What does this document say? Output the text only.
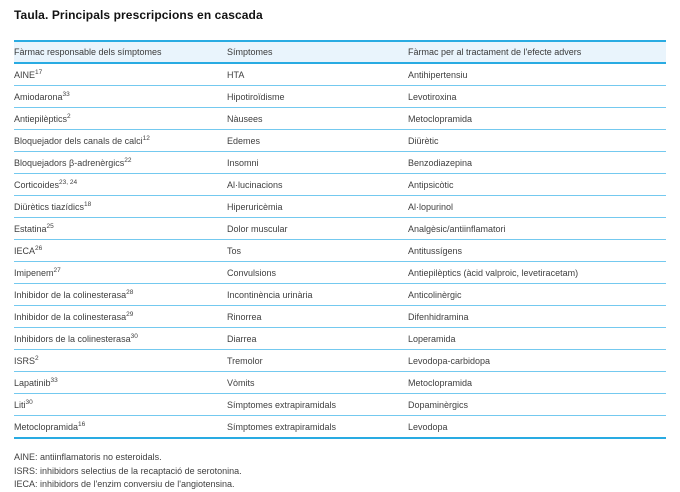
Taula. Principals prescripcions en cascada
Fàrmac responsable dels símptomes	Símptomes	Fàrmac per al tractament de l'efecte advers
AINE$^{17}$	HTA	Antihipertensiu
Amiodarona$^{33}$	Hipotiroïdisme	Levotiroxina
Antiepilèptics$^2$	Nàusees	Metoclopramida
Bloquejador dels canals de calci$^{12}$	Edemes	Diürètic
Bloquejadors β-adrenèrgics$^{22}$	Insomni	Benzodiazepina
Corticoides$^{23, 24}$	Al·lucinacions	Antipsicòtic
Diürètics tiazídics$^{18}$	Hiperuricèmia	Al·lopurinol
Estatina$^{25}$	Dolor muscular	Analgèsic/antiinflamatori
IECA$^{26}$	Tos	Antitussígens
Imipenem$^{27}$	Convulsions	Antiepilèptics (àcid valproic, levetiracetam)
Inhibidor de la colinesterasa$^{28}$	Incontinència urinària	Anticolinèrgic
Inhibidor de la colinesterasa$^{29}$	Rinorrea	Difenhidramina
Inhibidors de la colinesterasa$^{30}$	Diarrea	Loperamida
ISRS$^2$	Tremolor	Levodopa-carbidopa
Lapatinib$^{33}$	Vòmits	Metoclopramida
Liti$^{30}$	Símptomes extrapiramidals	Dopaminèrgics
Metoclopramida$^{16}$	Símptomes extrapiramidals	Levodopa
AINE: antiinflamatoris no esteroidals.
ISRS: inhibidors selectius de la recaptació de serotonina.
IECA: inhibidors de l'enzim conversiu de l'angiotensina.
